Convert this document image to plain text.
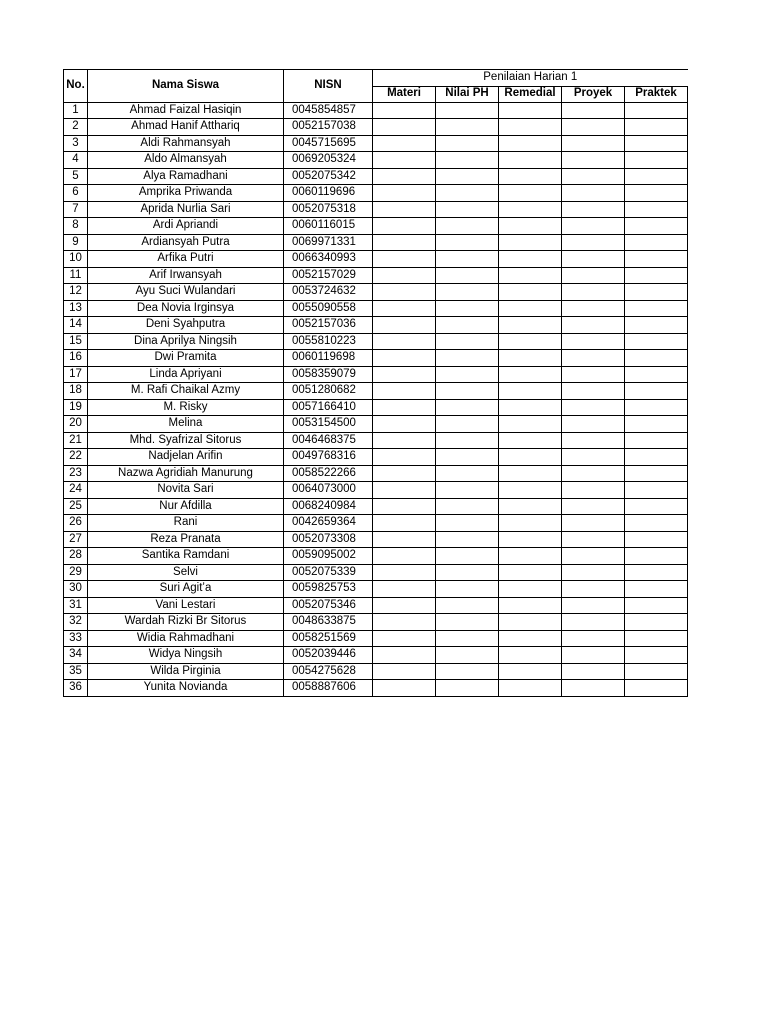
No.	Nama Siswa	NISN	Penilaian Harian 1				
			Materi	Nilai PH	Remedial	Proyek	Praktek
1	Ahmad Faizal Hasiqin	0045854857					
2	Ahmad Hanif Atthariq	0052157038					
3	Aldi Rahmansyah	0045715695					
4	Aldo Almansyah	0069205324					
5	Alya Ramadhani	0052075342					
6	Amprika Priwanda	0060119696					
7	Aprida Nurlia Sari	0052075318					
8	Ardi Apriandi	0060116015					
9	Ardiansyah Putra	0069971331					
10	Arfika Putri	0066340993					
11	Arif Irwansyah	0052157029					
12	Ayu Suci Wulandari	0053724632					
13	Dea Novia Irginsya	0055090558					
14	Deni Syahputra	0052157036					
15	Dina Aprilya Ningsih	0055810223					
16	Dwi Pramita	0060119698					
17	Linda Apriyani	0058359079					
18	M. Rafi Chaikal Azmy	0051280682					
19	M. Risky	0057166410					
20	Melina	0053154500					
21	Mhd. Syafrizal Sitorus	0046468375					
22	Nadjelan Arifin	0049768316					
23	Nazwa Agridiah Manurung	0058522266					
24	Novita Sari	0064073000					
25	Nur Afdilla	0068240984					
26	Rani	0042659364					
27	Reza Pranata	0052073308					
28	Santika Ramdani	0059095002					
29	Selvi	0052075339					
30	Suri Agitʼa	0059825753					
31	Vani Lestari	0052075346					
32	Wardah Rizki Br Sitorus	0048633875					
33	Widia Rahmadhani	0058251569					
34	Widya Ningsih	0052039446					
35	Wilda Pirginia	0054275628					
36	Yunita Novianda	0058887606					
